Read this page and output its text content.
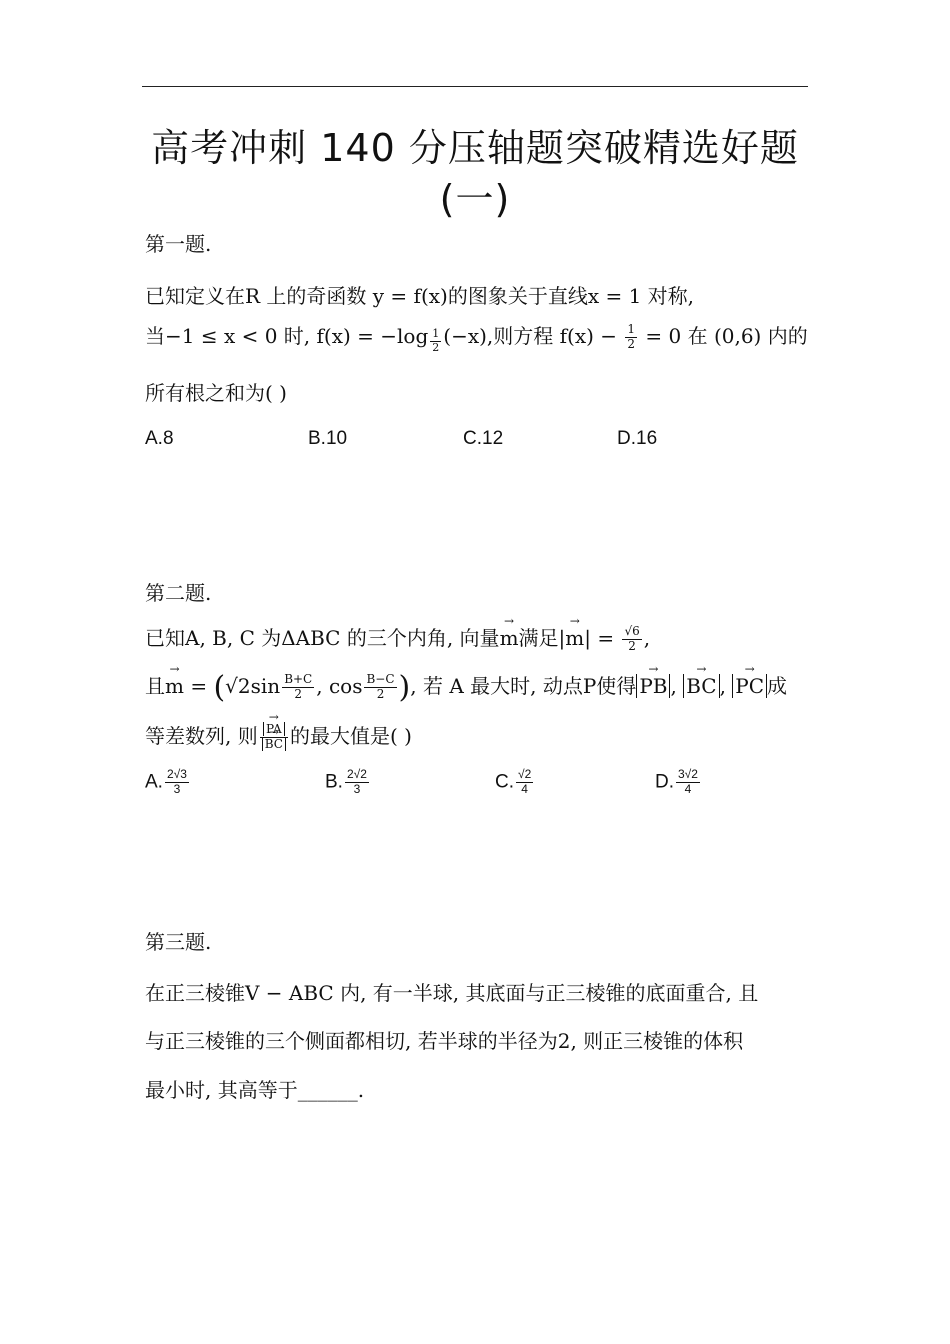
高考冲刺 140 分压轴题突破精选好题
(一)
第一题.
已知定义在R 上的奇函数 y = f(x)的图象关于直线x = 1 对称,
当−1 ≤ x < 0 时, $f(x) = -\log \frac{1}{2} (-x)$,则方程 $f(x) - \frac{1}{2} = 0$ 在 (0,6) 内的
所有根之和为( )
A.8	B.10	C.12	D.16
第二题.
已知A, B, C 为ΔABC 的三个内角, 向量→ m满足|→ $m| = \frac{√6}{2}$ ,
且→ $m = (√2\sin \frac{B+C}{2}$ , $\cos \frac{B-C}{2}$ ), 若 A 最大时, 动点P使得 → PB , → BC , → PC 成
等差数列, 则 → PA
→ BC 的最大值是( )
A. $\frac{2√3}{3}$	B. $\frac{2√2}{3}$	C. $\frac{√2}{4}$	D. $\frac{3√2}{4}$
第三题.
在正三棱锥V − ABC 内, 有一半球, 其底面与正三棱锥的底面重合, 且
与正三棱锥的三个侧面都相切, 若半球的半径为2, 则正三棱锥的体积
最小时, 其高等于______.
